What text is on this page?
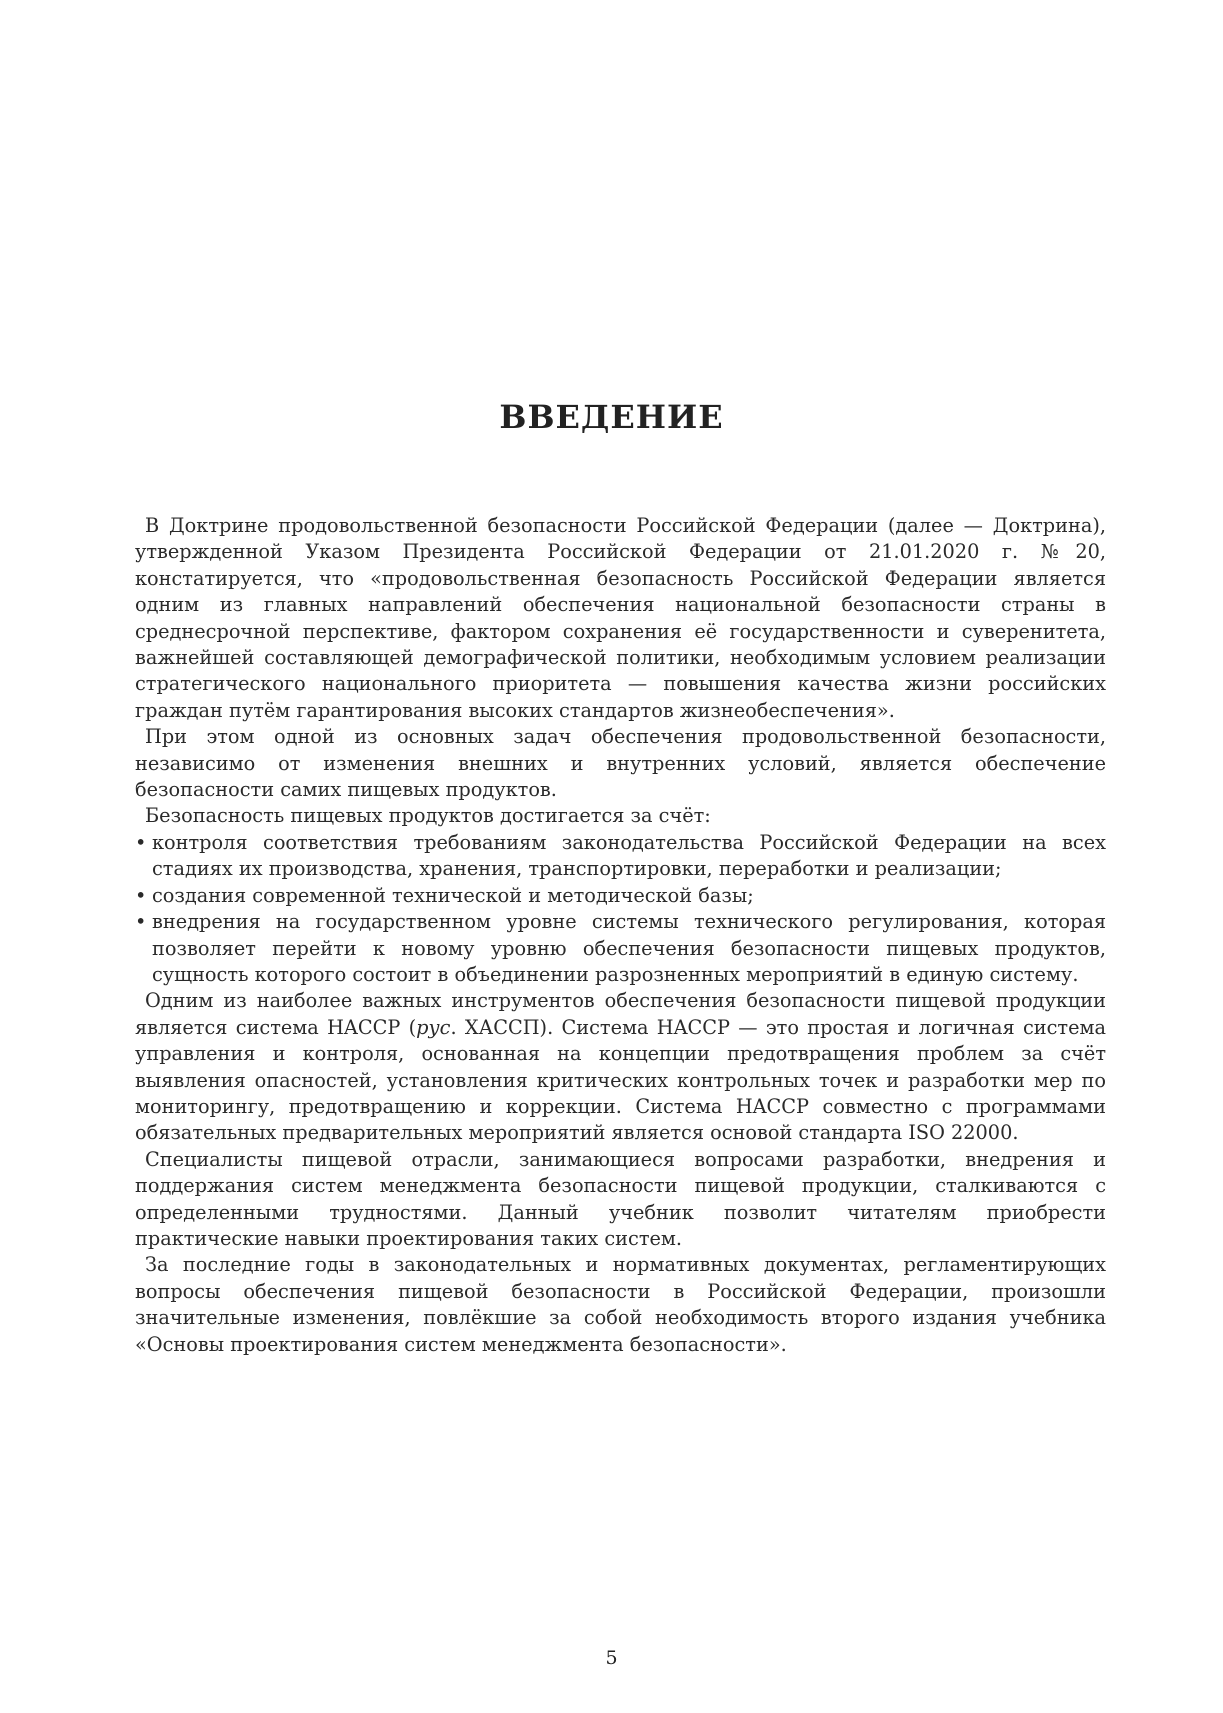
ВВЕДЕНИЕ

В Доктрине продовольственной безопасности Российской Федерации (далее — Доктрина), утвержденной Указом Президента Российской Федерации от 21.01.2020 г. №20, констатируется, что «продовольственная безопасность Российской Федерации является одним из главных направлений обеспечения национальной безопасности страны в среднесрочной перспективе, фактором сохранения её государственности и суверенитета, важнейшей составляющей демографической политики, необходимым условием реализации стратегического национального приоритета — повышения качества жизни российских граждан путём гарантирования высоких стандартов жизнеобеспечения».

При этом одной из основных задач обеспечения продовольственной безопасности, независимо от изменения внешних и внутренних условий, является обеспечение безопасности самих пищевых продуктов.

Безопасность пищевых продуктов достигается за счёт:

• контроля соответствия требованиям законодательства Российской Федерации на всех стадиях их производства, хранения, транспортировки, переработки и реализации;
• создания современной технической и методической базы;
• внедрения на государственном уровне системы технического регулирования, которая позволяет перейти к новому уровню обеспечения безопасности пищевых продуктов, сущность которого состоит в объединении разрозненных мероприятий в единую систему.

Одним из наиболее важных инструментов обеспечения безопасности пищевой продукции является система HACCP (рус. ХАССП). Система HACCP — это простая и логичная система управления и контроля, основанная на концепции предотвращения проблем за счёт выявления опасностей, установления критических контрольных точек и разработки мер по мониторингу, предотвращению и коррекции. Система HACCP совместно с программами обязательных предварительных мероприятий является основой стандарта ISO 22000.

Специалисты пищевой отрасли, занимающиеся вопросами разработки, внедрения и поддержания систем менеджмента безопасности пищевой продукции, сталкиваются с определенными трудностями. Данный учебник позволит читателям приобрести практические навыки проектирования таких систем.

За последние годы в законодательных и нормативных документах, регламентирующих вопросы обеспечения пищевой безопасности в Российской Федерации, произошли значительные изменения, повлёкшие за собой необходимость второго издания учебника «Основы проектирования систем менеджмента безопасности».

5
